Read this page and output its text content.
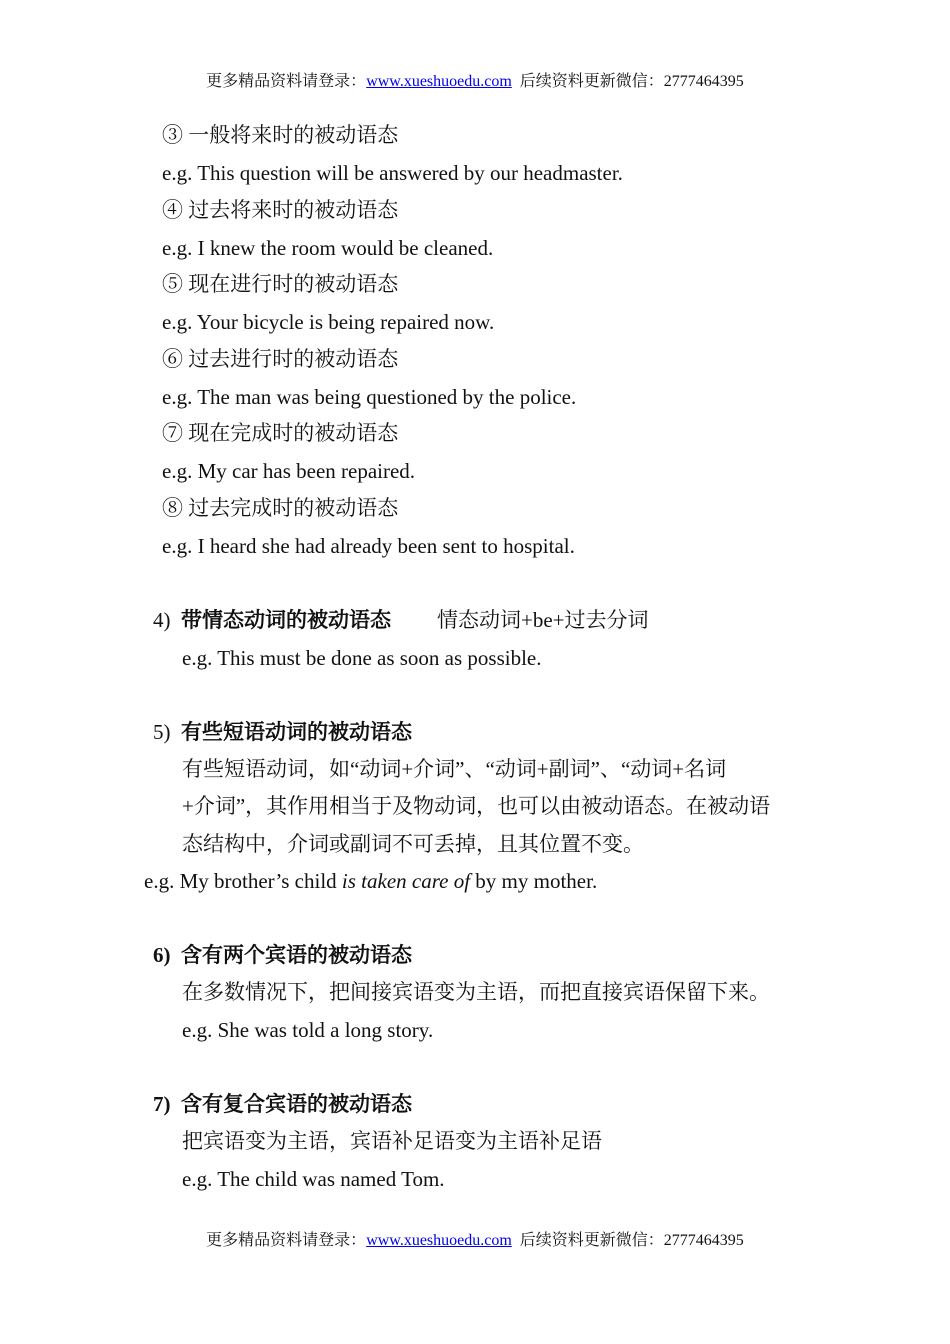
更多精品资料请登录：www.xueshuoedu.com 后续资料更新微信：2777464395
③ 一般将来时的被动语态
e.g. This question will be answered by our headmaster.
④ 过去将来时的被动语态
e.g. I knew the room would be cleaned.
⑤ 现在进行时的被动语态
e.g. Your bicycle is being repaired now.
⑥ 过去进行时的被动语态
e.g. The man was being questioned by the police.
⑦ 现在完成时的被动语态
e.g. My car has been repaired.
⑧ 过去完成时的被动语态
e.g. I heard she had already been sent to hospital.
4) 带情态动词的被动语态 情态动词+be+过去分词
e.g. This must be done as soon as possible.
5) 有些短语动词的被动语态
有些短语动词，如“动词+介词”、“动词+副词”、“动词+名词
+介词”，其作用相当于及物动词，也可以由被动语态。在被动语
态结构中，介词或副词不可丢掉，且其位置不变。
e.g. My brother’s child is taken care of by my mother.
6) 含有两个宾语的被动语态
在多数情况下，把间接宾语变为主语，而把直接宾语保留下来。
e.g. She was told a long story.
7) 含有复合宾语的被动语态
把宾语变为主语，宾语补足语变为主语补足语
e.g. The child was named Tom.
更多精品资料请登录：www.xueshuoedu.com 后续资料更新微信：2777464395
